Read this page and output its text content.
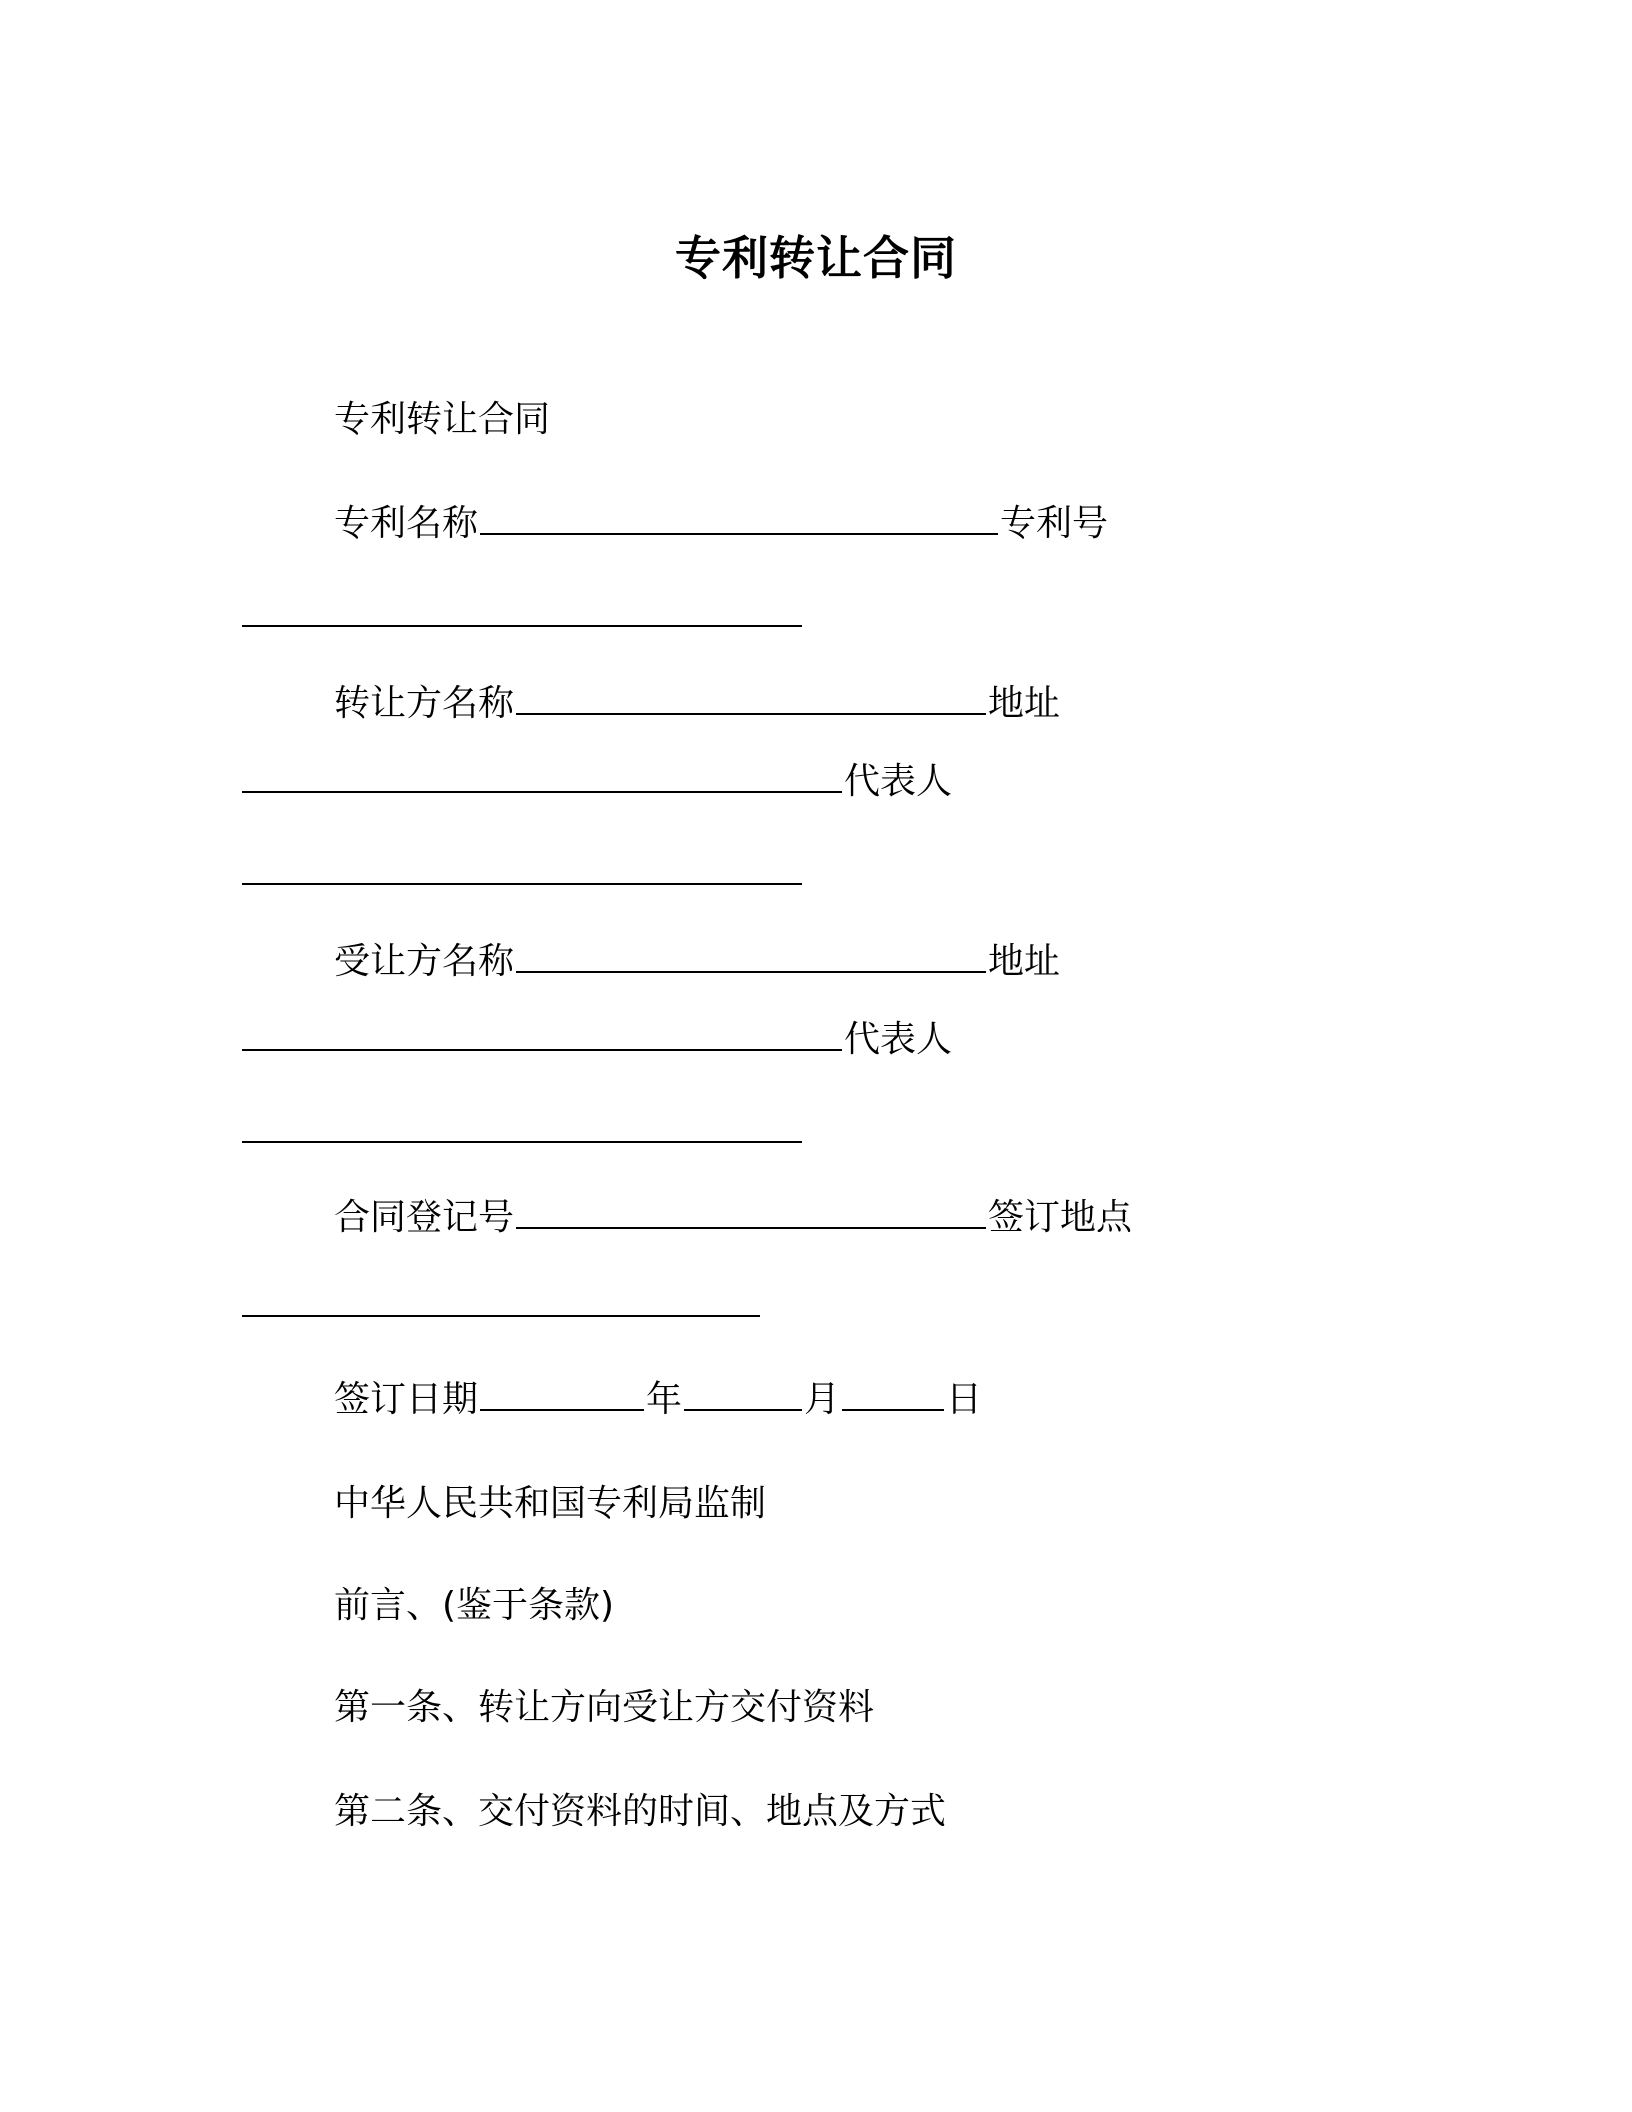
专利转让合同
专利转让合同
专利名称	专利号
转让方名称	地址
代表人
受让方名称	地址
代表人
合同登记号	签订地点
签订日期	年	月	日
中华人民共和国专利局监制
前言、(鉴于条款)
第一条、转让方向受让方交付资料
第二条、交付资料的时间、地点及方式
